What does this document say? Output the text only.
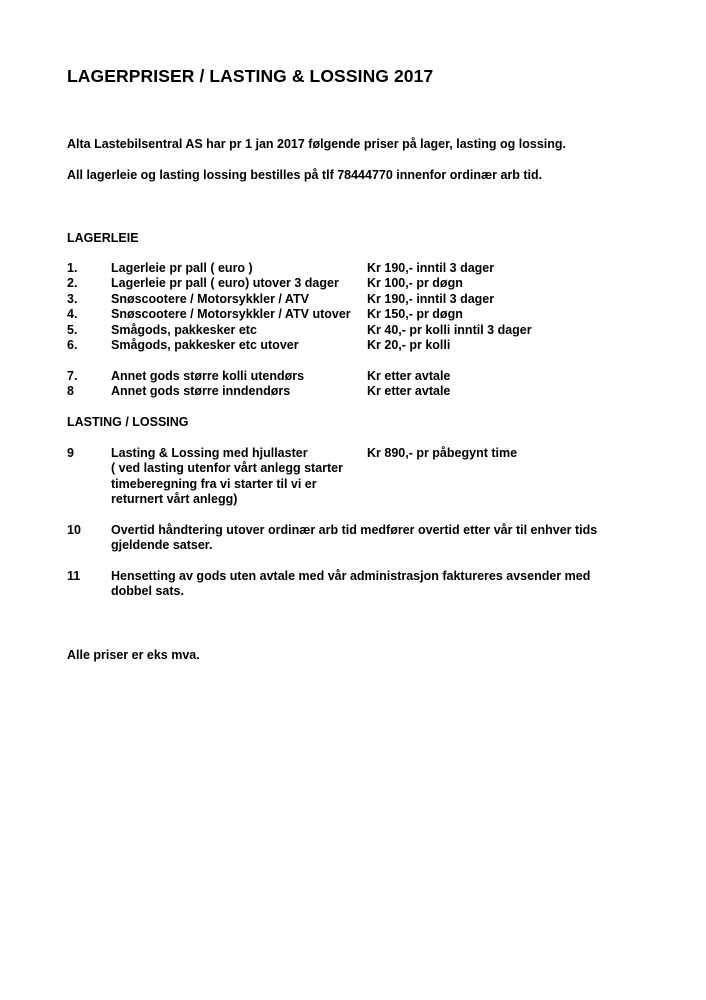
LAGERPRISER / LASTING & LOSSING 2017
Alta Lastebilsentral AS har pr 1 jan 2017 følgende priser på lager, lasting og lossing.
All lagerleie og lasting lossing bestilles på tlf 78444770 innenfor ordinær arb tid.
LAGERLEIE
1.	Lagerleie pr pall ( euro )	Kr 190,- inntil 3 dager
2.	Lagerleie pr pall ( euro) utover 3 dager Kr 100,- pr døgn
3.	Snøscootere / Motorsykkler / ATV	Kr 190,- inntil 3 dager
4.	Snøscootere / Motorsykkler / ATV utover Kr 150,- pr døgn
5.	Smågods, pakkesker etc	Kr 40,- pr kolli inntil 3 dager
6.	Smågods, pakkesker etc utover	Kr 20,- pr kolli
7.	Annet gods større kolli utendørs	Kr etter avtale
8	Annet gods større inndendørs	Kr etter avtale
LASTING / LOSSING
9	Lasting & Lossing med hjullaster
( ved lasting utenfor vårt anlegg starter
timeberegning fra vi starter til vi er
returnert vårt anlegg)
Kr 890,- pr påbegynt time
10 Overtid håndtering utover ordinær arb tid medfører overtid etter vår til enhver tids
gjeldende satser.
11 Hensetting av gods uten avtale med vår administrasjon faktureres avsender med
dobbel sats.
Alle priser er eks mva.
